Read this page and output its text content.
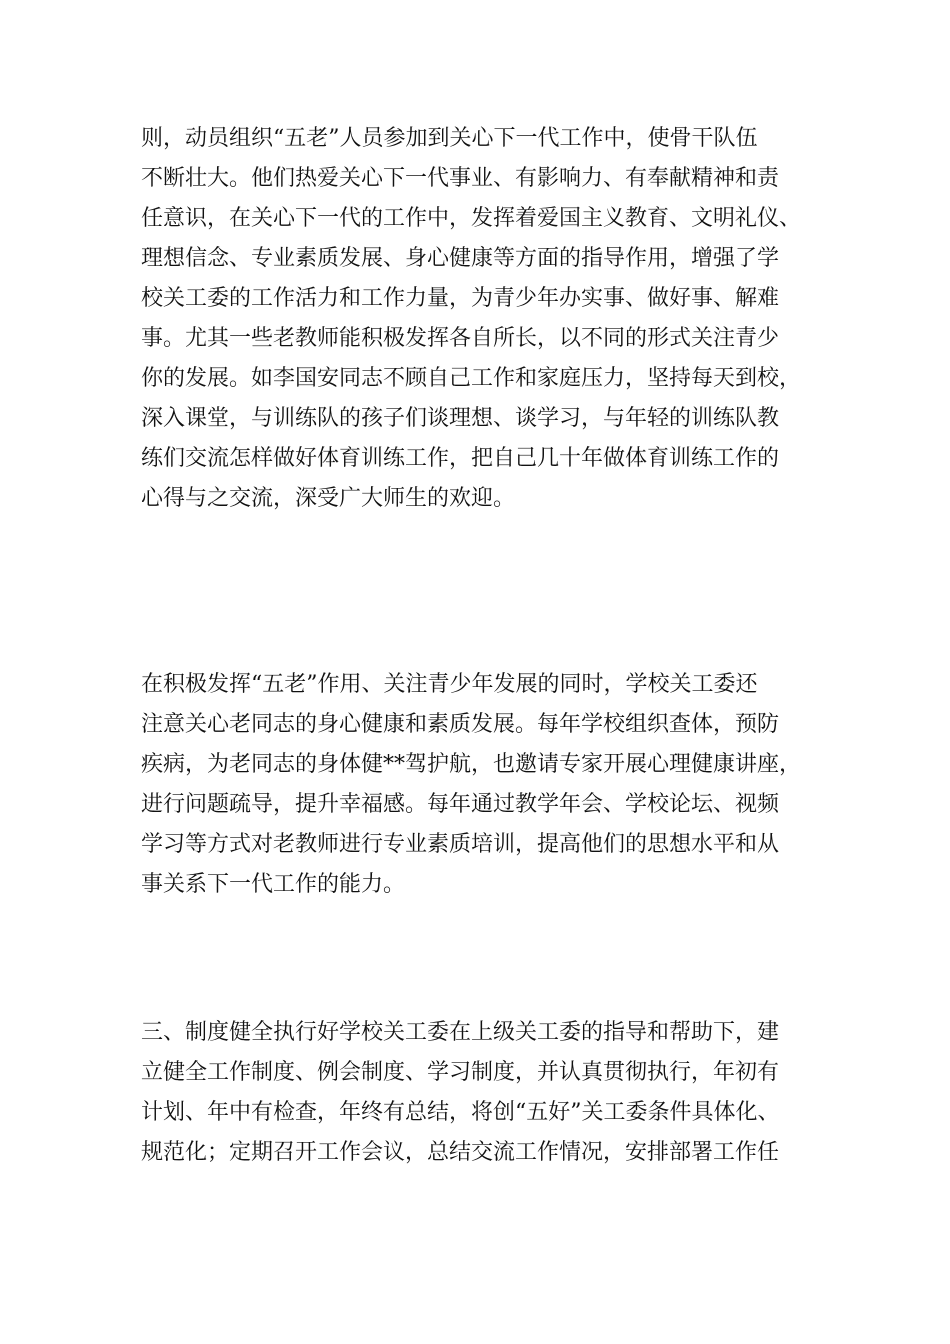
则，动员组织“五老”人员参加到关心下一代工作中，使骨干队伍
不断壮大。他们热爱关心下一代事业、有影响力、有奉献精神和责
任意识，在关心下一代的工作中，发挥着爱国主义教育、文明礼仪、
理想信念、专业素质发展、身心健康等方面的指导作用，增强了学
校关工委的工作活力和工作力量，为青少年办实事、做好事、解难
事。尤其一些老教师能积极发挥各自所长，以不同的形式关注青少
你的发展。如李国安同志不顾自己工作和家庭压力，坚持每天到校，
深入课堂，与训练队的孩子们谈理想、谈学习，与年轻的训练队教
练们交流怎样做好体育训练工作，把自己几十年做体育训练工作的
心得与之交流，深受广大师生的欢迎。
在积极发挥“五老”作用、关注青少年发展的同时，学校关工委还
注意关心老同志的身心健康和素质发展。每年学校组织查体，预防
疾病，为老同志的身体健**驾护航，也邀请专家开展心理健康讲座，
进行问题疏导，提升幸福感。每年通过教学年会、学校论坛、视频
学习等方式对老教师进行专业素质培训，提高他们的思想水平和从
事关系下一代工作的能力。
三、制度健全执行好学校关工委在上级关工委的指导和帮助下，建
立健全工作制度、例会制度、学习制度，并认真贯彻执行，年初有
计划、年中有检查，年终有总结，将创“五好”关工委条件具体化、
规范化；定期召开工作会议，总结交流工作情况，安排部署工作任
